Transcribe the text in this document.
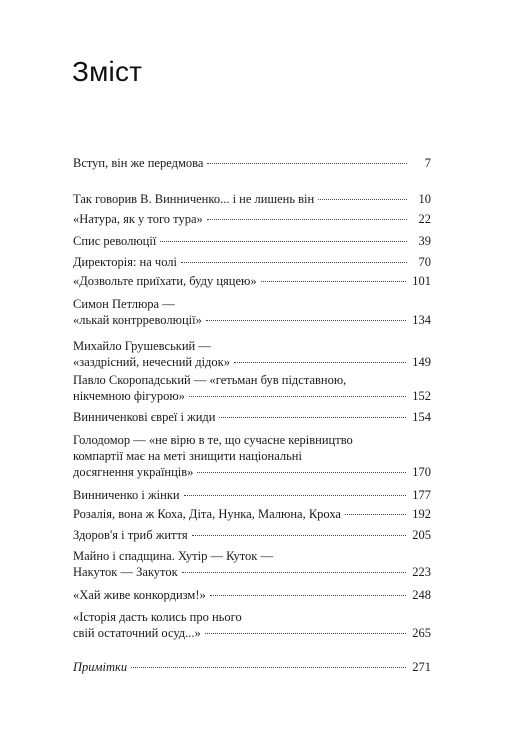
Зміст
Вступ, він же передмова	7
Так говорив В. Винниченко... і не лишень він	10
«Натура, як у того тура»	22
Спис революції	39
Директорія: на чолі	70
«Дозвольте приїхати, буду цяцею»	101
Симон Петлюра —
«лькай контрреволюції»	134
Михайло Грушевський —
«заздрісний, нечесний дідок»	149
Павло Скоропадський — «гетьман був підставною,
нікчемною фігурою»	152
Винниченкові євреї і жиди	154
Голодомор — «не вірю в те, що сучасне керівництво
компартії має на меті знищити національні
досягнення українців»	170
Винниченко і жінки	177
Розалія, вона ж Коха, Діта, Нунка, Малюна, Кроха	192
Здоров'я і триб життя	205
Майно і спадщина. Хутір — Куток —
Накуток — Закуток	223
«Хай живе конкордизм!»	248
«Історія дасть колись про нього
свій остаточний осуд...»	265
Примітки	271
